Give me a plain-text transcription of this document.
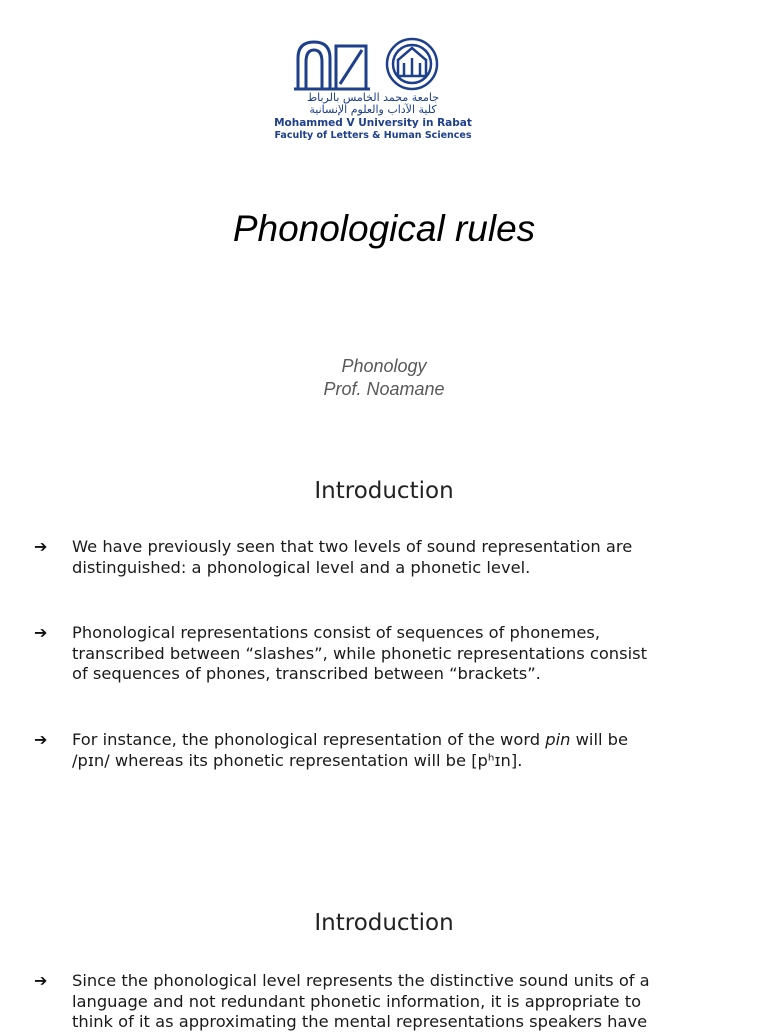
جامعة محمد الخامس بالرباط
كلية الآداب والعلوم الإنسانية
Mohammed V University in Rabat
Faculty of Letters & Human Sciences
Phonological rules
Phonology
Prof. Noamane
Introduction
➔ We have previously seen that two levels of sound representation are
distinguished: a phonological level and a phonetic level.
➔ Phonological representations consist of sequences of phonemes,
transcribed between “slashes”, while phonetic representations consist
of sequences of phones, transcribed between “brackets”.
➔ For instance, the phonological representation of the word pin will be
/pɪn/ whereas its phonetic representation will be [pʰɪn].
Introduction
➔ Since the phonological level represents the distinctive sound units of a
language and not redundant phonetic information, it is appropriate to
think of it as approximating the mental representations speakers have
